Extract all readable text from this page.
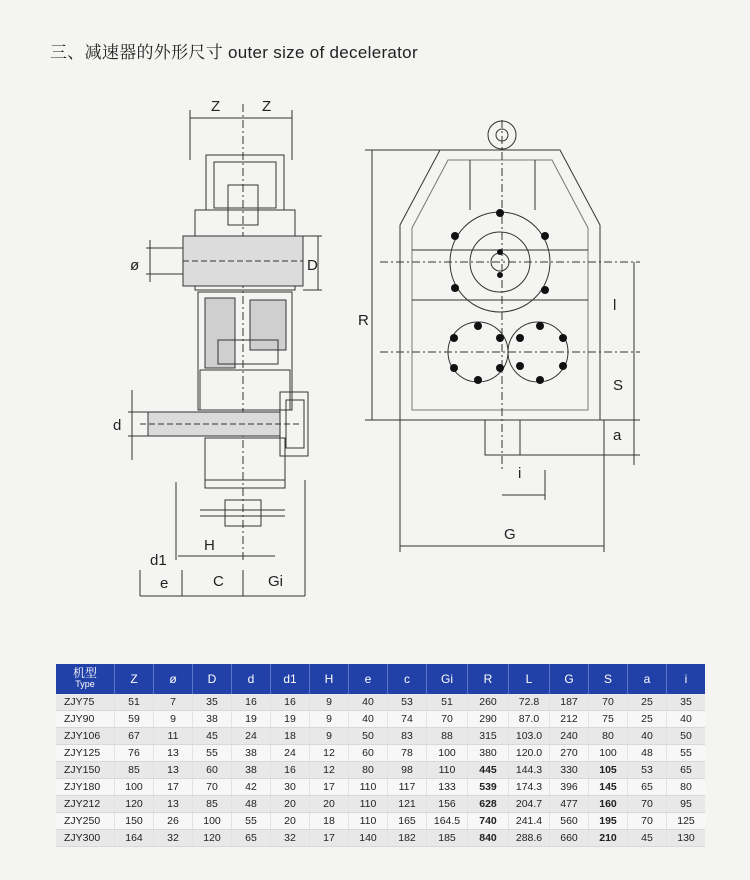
三、减速器的外形尺寸 outer size of decelerator
Z	Z
ø	D
d
d1
H
e	C	Gi
R
l
S
a
i
G
机型
Type	Z	ø	D	d	d1	H	e	c	Gi	R	L	G	S	a	i
ZJY75	51	7	35	16	16	9	40	53	51	260	72.8	187	70	25	35
ZJY90	59	9	38	19	19	9	40	74	70	290	87.0	212	75	25	40
ZJY106	67	11	45	24	18	9	50	83	88	315	103.0	240	80	40	50
ZJY125	76	13	55	38	24	12	60	78	100	380	120.0	270	100	48	55
ZJY150	85	13	60	38	16	12	80	98	110	445	144.3	330	105	53	65
ZJY180	100	17	70	42	30	17	110	117	133	539	174.3	396	145	65	80
ZJY212	120	13	85	48	20	20	110	121	156	628	204.7	477	160	70	95
ZJY250	150	26	100	55	20	18	110	165	164.5	740	241.4	560	195	70	125
ZJY300	164	32	120	65	32	17	140	182	185	840	288.6	660	210	45	130
